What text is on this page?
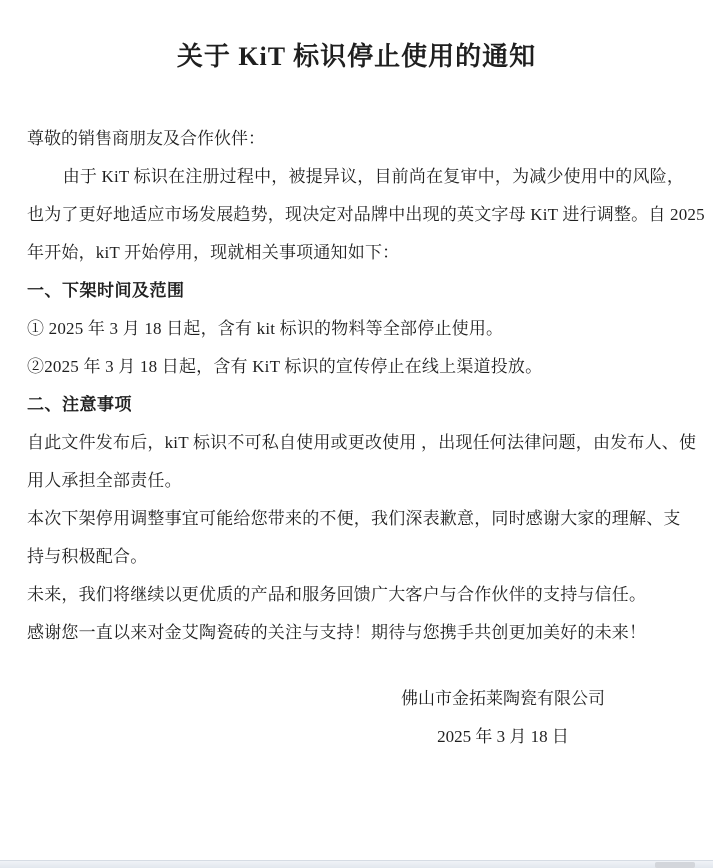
关于 KiT 标识停止使用的通知
尊敬的销售商朋友及合作伙伴：
由于 KiT 标识在注册过程中，被提异议，目前尚在复审中，为减少使用中的风险，
也为了更好地适应市场发展趋势，现决定对品牌中出现的英文字母 KiT 进行调整。自 2025
年开始，kiT 开始停用，现就相关事项通知如下：
一、下架时间及范围
① 2025 年 3 月 18 日起，含有 kit 标识的物料等全部停止使用。
②2025 年 3 月 18 日起，含有 KiT 标识的宣传停止在线上渠道投放。
二、注意事项
自此文件发布后，kiT 标识不可私自使用或更改使用 ，出现任何法律问题，由发布人、使
用人承担全部责任。
本次下架停用调整事宜可能给您带来的不便，我们深表歉意，同时感谢大家的理解、支
持与积极配合。
未来，我们将继续以更优质的产品和服务回馈广大客户与合作伙伴的支持与信任。
感谢您一直以来对金艾陶瓷砖的关注与支持！期待与您携手共创更加美好的未来！
佛山市金拓莱陶瓷有限公司
2025 年 3 月 18 日
